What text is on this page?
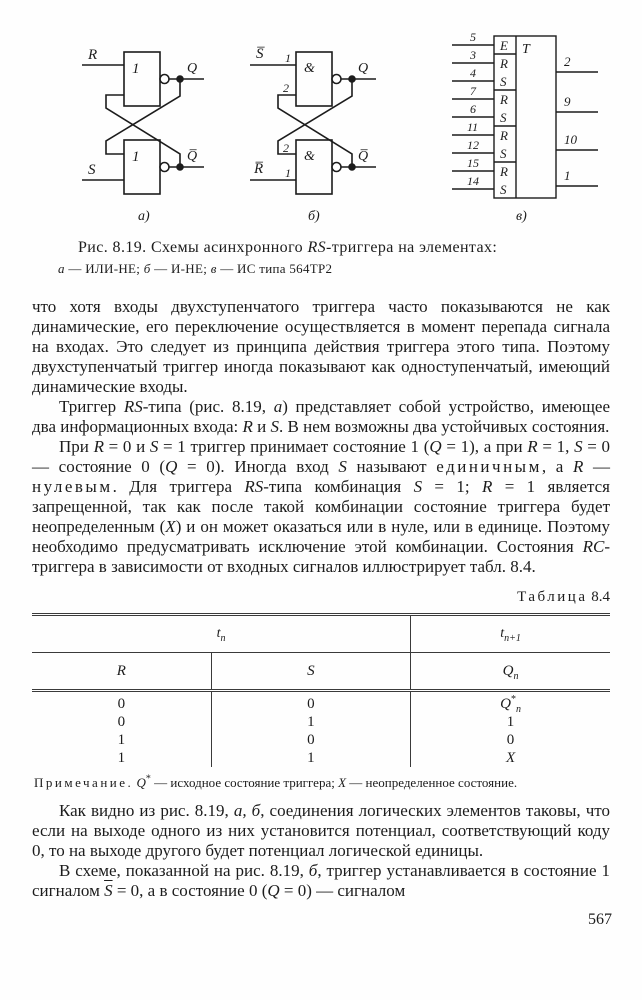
1
1
R
S
Q
Q̅
а)
&
&
S̅
R̅
1
2
2
1
Q
Q̅
б)
E
R
S
R
S
R
S
R
S
T
5
3
4
7
6
11
12
15
14
2
9
10
1
в)
Рис. 8.19. Схемы асинхронного RS-триггера на элементах:
а — ИЛИ-НЕ; б — И-НЕ; в — ИС типа 564ТР2

что хотя входы двухступенчатого триггера часто показываются не как динамические, его переключение осуществляется в момент перепада сигнала на входах. Это следует из принципа действия триггера этого типа. Поэтому двухступенчатый триггер иногда показывают как одноступенчатый, имеющий динамические входы.

Триггер RS-типа (рис. 8.19, а) представляет собой устройство, имеющее два информационных входа: R и S. В нем возможны два устойчивых состояния.

При R = 0 и S = 1 триггер принимает состояние 1 (Q = 1), а при R = 1, S = 0 — состояние 0 (Q = 0). Иногда вход S называют единичным, а R — нулевым. Для триггера RS-типа комбинация S = 1; R = 1 является запрещенной, так как после такой комбинации состояние триггера будет неопределенным (X) и он может оказаться или в нуле, или в единице. Поэтому необходимо предусматривать исключение этой комбинации. Состояния RC-триггера в зависимости от входных сигналов иллюстрирует табл. 8.4.

Таблица 8.4
$t_n$		$t_{n+1}$
R	S	$Q_n$
0	0	$Q^*_n$
0	1	1
1	0	0
1	1	X
Примечание. Q* — исходное состояние триггера; X — неопределенное состояние.

Как видно из рис. 8.19, а, б, соединения логических элементов таковы, что если на выходе одного из них установится потенциал, соответствующий коду 0, то на выходе другого будет потенциал логической единицы.

В схеме, показанной на рис. 8.19, б, триггер устанавливается в состояние 1 сигналом $\overline{S} = 0$, а в состояние 0 (Q = 0) — сигналом

567
